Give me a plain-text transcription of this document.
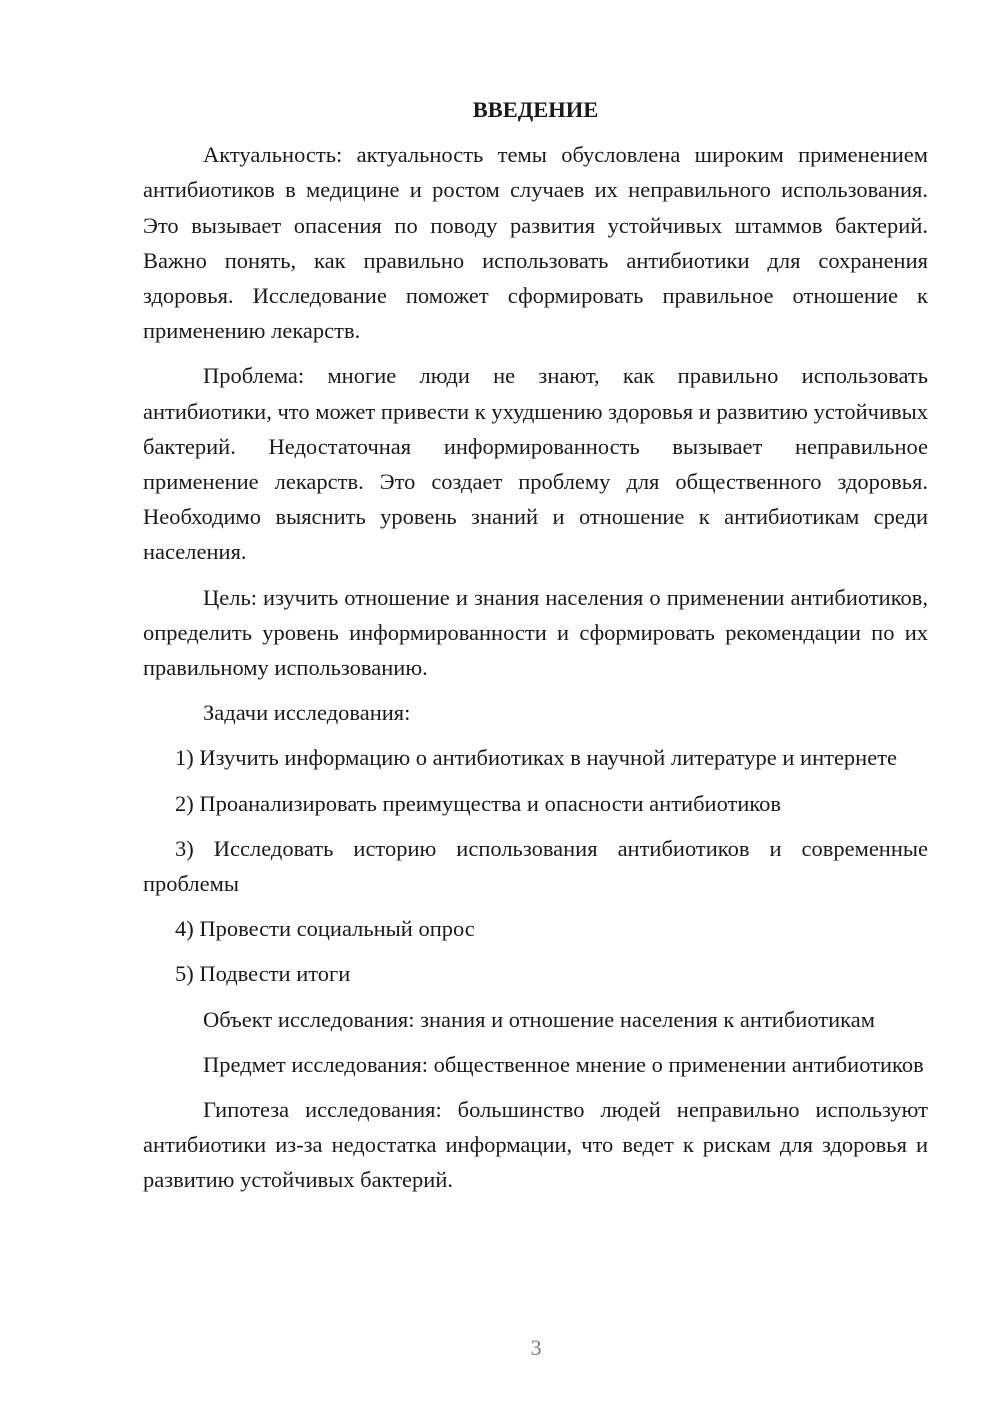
ВВЕДЕНИЕ

Актуальность: актуальность темы обусловлена широким применением антибиотиков в медицине и ростом случаев их неправильного использования. Это вызывает опасения по поводу развития устойчивых штаммов бактерий. Важно понять, как правильно использовать антибиотики для сохранения здоровья. Исследование поможет сформировать правильное отношение к применению лекарств.

Проблема: многие люди не знают, как правильно использовать антибиотики, что может привести к ухудшению здоровья и развитию устойчивых бактерий. Недостаточная информированность вызывает неправильное применение лекарств. Это создает проблему для общественного здоровья. Необходимо выяснить уровень знаний и отношение к антибиотикам среди населения.

Цель: изучить отношение и знания населения о применении антибиотиков, определить уровень информированности и сформировать рекомендации по их правильному использованию.

Задачи исследования:

1) Изучить информацию о антибиотиках в научной литературе и интернете

2) Проанализировать преимущества и опасности антибиотиков

3) Исследовать историю использования антибиотиков и современные проблемы

4) Провести социальный опрос

5) Подвести итоги

Объект исследования: знания и отношение населения к антибиотикам

Предмет исследования: общественное мнение о применении антибиотиков

Гипотеза исследования: большинство людей неправильно используют антибиотики из-за недостатка информации, что ведет к рискам для здоровья и развитию устойчивых бактерий.

3
